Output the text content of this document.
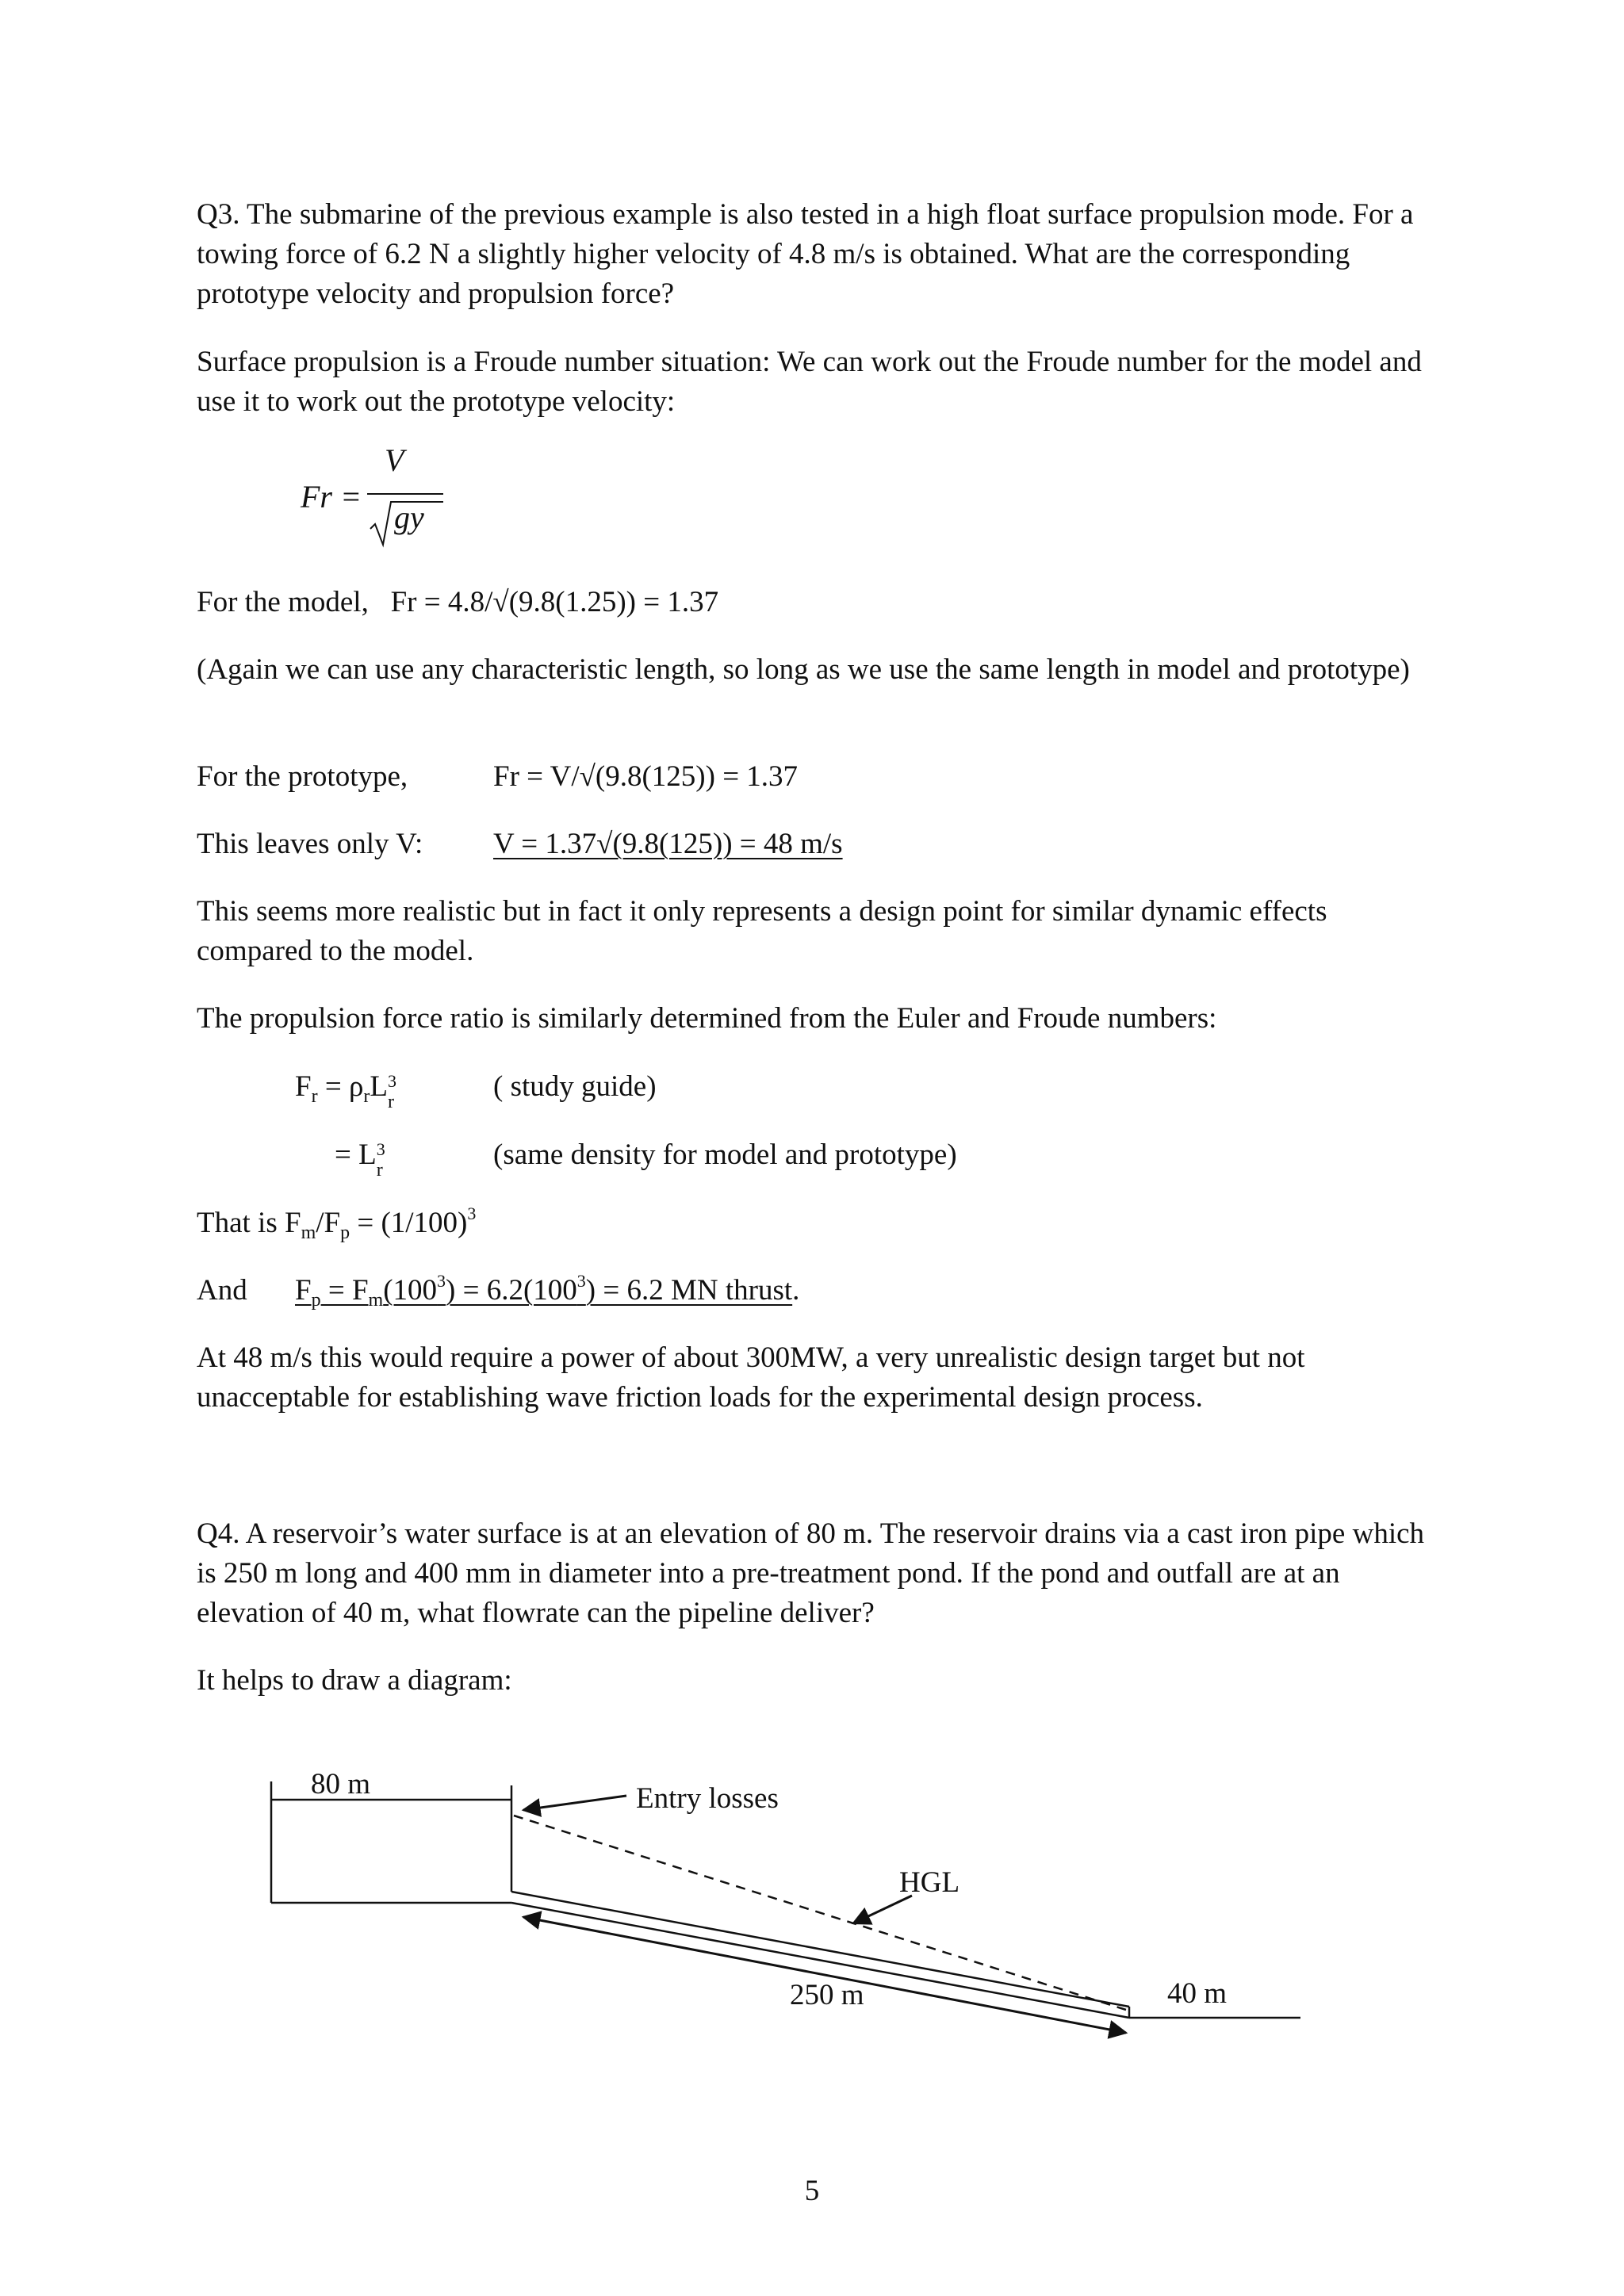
Q3. The submarine of the previous example is also tested in a high float surface propulsion mode. For a towing force of 6.2 N a slightly higher velocity of 4.8 m/s is obtained. What are the corresponding prototype velocity and propulsion force?

Surface propulsion is a Froude number situation: We can work out the Froude number for the model and use it to work out the prototype velocity:

Fr =
V
gy
For the model, Fr = 4.8/√(9.8(1.25)) = 1.37

(Again we can use any characteristic length, so long as we use the same length in model and prototype)

For the prototype,	Fr = V/√(9.8(125)) = 1.37
This leaves only V: V = 1.37√(9.8(125)) = 48 m/s

This seems more realistic but in fact it only represents a design point for similar dynamic effects compared to the model.

The propulsion force ratio is similarly determined from the Euler and Froude numbers:
$F_r = \rho_rL$ 3
r	( study guide)
= L 3
r	(same density for model and prototype)
That is $F_m/F_p = (1/100)^3$
And $F_p = F_m(100^3) = 6.2(100^3) = 6.2$ MN thrust.

At 48 m/s this would require a power of about 300MW, a very unrealistic design target but not unacceptable for establishing wave friction loads for the experimental design process.

Q4. A reservoir’s water surface is at an elevation of 80 m. The reservoir drains via a cast iron pipe which is 250 m long and 400 mm in diameter into a pre-treatment pond. If the pond and outfall are at an elevation of 40 m, what flowrate can the pipeline deliver?

It helps to draw a diagram:
80 m	Entry losses
HGL
250 m	40 m
5
